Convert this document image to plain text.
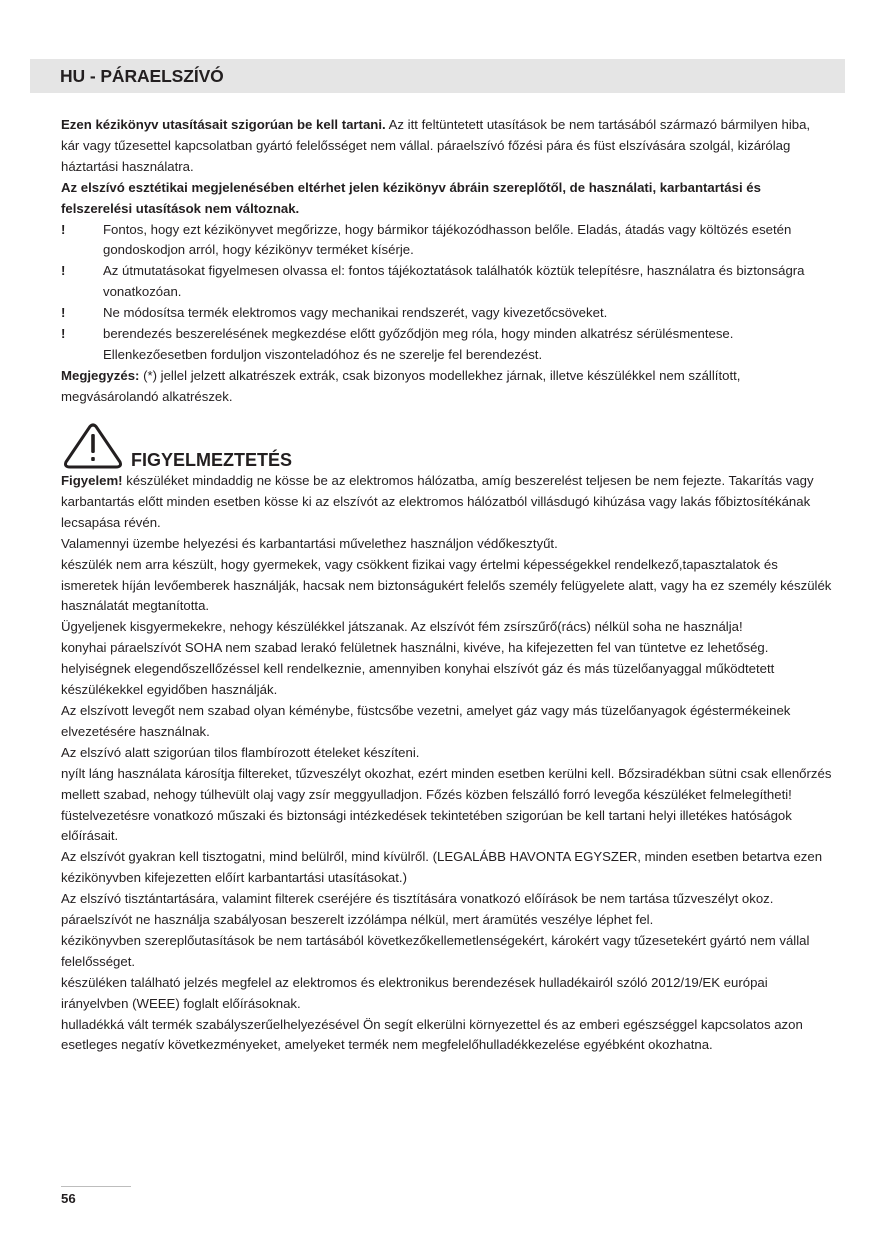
HU - PÁRAELSZÍVÓ

Ezen kézikönyv utasításait szigorúan be kell tartani. Az itt feltüntetett utasítások be nem tartásából származó bármilyen hiba, kár vagy tűzesettel kapcsolatban gyártó felelősséget nem vállal. páraelszívó főzési pára és füst elszívására szolgál, kizárólag háztartási használatra.

Az elszívó esztétikai megjelenésében eltérhet jelen kézikönyv ábráin szereplőtől, de használati, karbantartási és felszerelési utasítások nem változnak.

!	Fontos, hogy ezt kézikönyvet megőrizze, hogy bármikor tájékozódhasson belőle. Eladás, átadás vagy költözés esetén gondoskodjon arról, hogy kézikönyv terméket kísérje.
!	Az útmutatásokat figyelmesen olvassa el: fontos tájékoztatások találhatók köztük telepítésre, használatra és biztonságra vonatkozóan.
!	Ne módosítsa termék elektromos vagy mechanikai rendszerét, vagy kivezetőcsöveket.
!	berendezés beszerelésének megkezdése előtt győződjön meg róla, hogy minden alkatrész sérülésmentese. Ellenkezőesetben forduljon viszonteladóhoz és ne szerelje fel berendezést.

Megjegyzés: (*) jellel jelzett alkatrészek extrák, csak bizonyos modellekhez járnak, illetve készülékkel nem szállított, megvásárolandó alkatrészek.

FIGYELMEZTETÉS

Figyelem! készüléket mindaddig ne kösse be az elektromos hálózatba, amíg beszerelést teljesen be nem fejezte. Takarítás vagy karbantartás előtt minden esetben kösse ki az elszívót az elektromos hálózatból villásdugó kihúzása vagy lakás főbiztosítékának lecsapása révén.

Valamennyi üzembe helyezési és karbantartási művelethez használjon védőkesztyűt.

készülék nem arra készült, hogy gyermekek, vagy csökkent fizikai vagy értelmi képességekkel rendelkező,tapasztalatok és ismeretek híján levőemberek használják, hacsak nem biztonságukért felelős személy felügyelete alatt, vagy ha ez személy készülék használatát megtanította.

Ügyeljenek kisgyermekekre, nehogy készülékkel játszanak. Az elszívót fém zsírszűrő(rács) nélkül soha ne használja!

konyhai páraelszívót SOHA nem szabad lerakó felületnek használni, kivéve, ha kifejezetten fel van tüntetve ez lehetőség.

helyiségnek elegendőszellőzéssel kell rendelkeznie, amennyiben konyhai elszívót gáz és más tüzelőanyaggal működtetett készülékekkel egyidőben használják.

Az elszívott levegőt nem szabad olyan kéménybe, füstcsőbe vezetni, amelyet gáz vagy más tüzelőanyagok égéstermékeinek elvezetésére használnak.

Az elszívó alatt szigorúan tilos flambírozott ételeket készíteni.

nyílt láng használata károsítja filtereket, tűzveszélyt okozhat, ezért minden esetben kerülni kell. Bőzsiradékban sütni csak ellenőrzés mellett szabad, nehogy túlhevült olaj vagy zsír meggyulladjon. Főzés közben felszálló forró levegőa készüléket felmelegítheti!

füstelvezetésre vonatkozó műszaki és biztonsági intézkedések tekintetében szigorúan be kell tartani helyi illetékes hatóságok előírásait.

Az elszívót gyakran kell tisztogatni, mind belülről, mind kívülről. (LEGALÁBB HAVONTA EGYSZER, minden esetben betartva ezen kézikönyvben kifejezetten előírt karbantartási utasításokat.)

Az elszívó tisztántartására, valamint filterek cseréjére és tisztítására vonatkozó előírások be nem tartása tűzveszélyt okoz.

páraelszívót ne használja szabályosan beszerelt izzólámpa nélkül, mert áramütés veszélye léphet fel.

kézikönyvben szereplőutasítások be nem tartásából következőkellemetlenségekért, károkért vagy tűzesetekért gyártó nem vállal felelősséget.

készüléken található jelzés megfelel az elektromos és elektronikus berendezések hulladékairól szóló 2012/19/EK európai irányelvben (WEEE) foglalt előírásoknak.

hulladékká vált termék szabályszerűelhelyezésével Ön segít elkerülni környezettel és az emberi egészséggel kapcsolatos azon esetleges negatív következményeket, amelyeket termék nem megfelelőhulladékkezelése egyébként okozhatna.

56
